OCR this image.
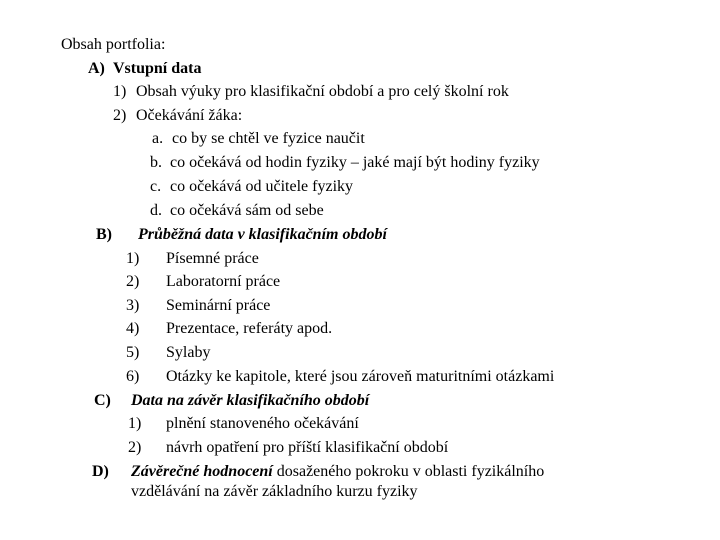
Obsah portfolia:
A) Vstupní data
1) Obsah výuky pro klasifikační období a pro celý školní rok
2) Očekávání žáka:
a. co by se chtěl ve fyzice naučit
b. co očekává od hodin fyziky – jaké mají být hodiny fyziky
c. co očekává od učitele fyziky
d. co očekává sám od sebe
B) Průběžná data v klasifikačním období
1) Písemné práce
2) Laboratorní práce
3) Seminární práce
4) Prezentace, referáty apod.
5) Sylaby
6) Otázky ke kapitole, které jsou zároveň maturitními otázkami
C) Data na závěr klasifikačního období
1) plnění stanoveného očekávání
2) návrh opatření pro příští klasifikační období
D) Závěrečné hodnocení dosaženého pokroku v oblasti fyzikálního
vzdělávání na závěr základního kurzu fyziky
